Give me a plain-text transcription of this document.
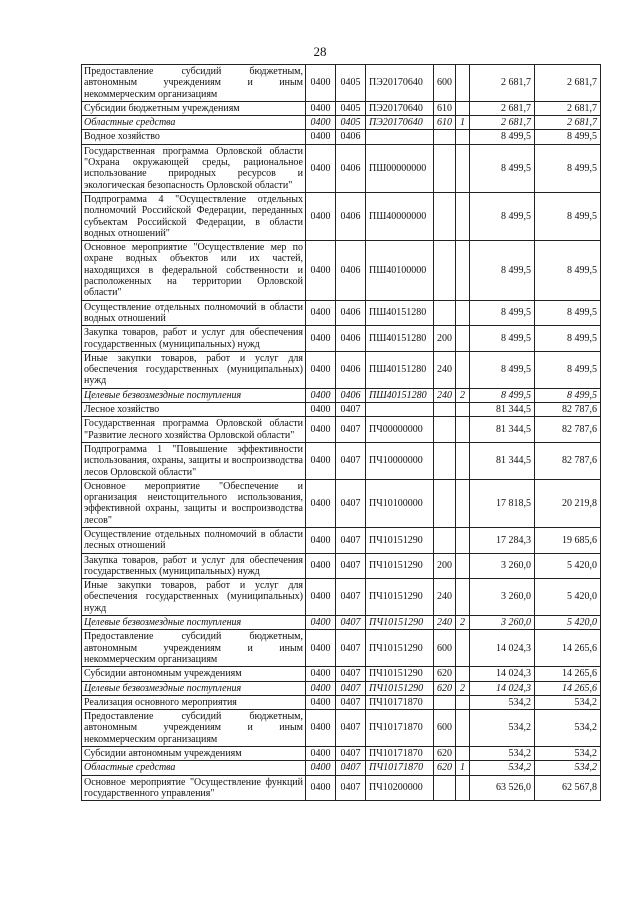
28
Предоставление субсидий бюджетным, автономным учреждениям и иным некоммерческим организациям	0400	0405	ПЭ20170640	600		2 681,7	2 681,7
Субсидии бюджетным учреждениям	0400	0405	ПЭ20170640	610		2 681,7	2 681,7
Областные средства	0400	0405	ПЭ20170640	610	1	2 681,7	2 681,7
Водное хозяйство	0400	0406				8 499,5	8 499,5
Государственная программа Орловской области "Охрана окружающей среды, рациональное использование природных ресурсов и экологическая безопасность Орловской области"	0400	0406	ПШ00000000			8 499,5	8 499,5
Подпрограмма 4 "Осуществление отдельных полномочий Российской Федерации, переданных субъектам Российской Федерации, в области водных отношений"	0400	0406	ПШ40000000			8 499,5	8 499,5
Основное мероприятие "Осуществление мер по охране водных объектов или их частей, находящихся в федеральной собственности и расположенных на территории Орловской области"	0400	0406	ПШ40100000			8 499,5	8 499,5
Осуществление отдельных полномочий в области водных отношений	0400	0406	ПШ40151280			8 499,5	8 499,5
Закупка товаров, работ и услуг для обеспечения государственных (муниципальных) нужд	0400	0406	ПШ40151280	200		8 499,5	8 499,5
Иные закупки товаров, работ и услуг для обеспечения государственных (муниципальных) нужд	0400	0406	ПШ40151280	240		8 499,5	8 499,5
Целевые безвозмездные поступления	0400	0406	ПШ40151280	240	2	8 499,5	8 499,5
Лесное хозяйство	0400	0407				81 344,5	82 787,6
Государственная программа Орловской области "Развитие лесного хозяйства Орловской области"	0400	0407	ПЧ00000000			81 344,5	82 787,6
Подпрограмма 1 "Повышение эффективности использования, охраны, защиты и воспроизводства лесов Орловской области"	0400	0407	ПЧ10000000			81 344,5	82 787,6
Основное мероприятие "Обеспечение и организация неистощительного использования, эффективной охраны, защиты и воспроизводства лесов"	0400	0407	ПЧ10100000			17 818,5	20 219,8
Осуществление отдельных полномочий в области лесных отношений	0400	0407	ПЧ10151290			17 284,3	19 685,6
Закупка товаров, работ и услуг для обеспечения государственных (муниципальных) нужд	0400	0407	ПЧ10151290	200		3 260,0	5 420,0
Иные закупки товаров, работ и услуг для обеспечения государственных (муниципальных) нужд	0400	0407	ПЧ10151290	240		3 260,0	5 420,0
Целевые безвозмездные поступления	0400	0407	ПЧ10151290	240	2	3 260,0	5 420,0
Предоставление субсидий бюджетным, автономным учреждениям и иным некоммерческим организациям	0400	0407	ПЧ10151290	600		14 024,3	14 265,6
Субсидии автономным учреждениям	0400	0407	ПЧ10151290	620		14 024,3	14 265,6
Целевые безвозмездные поступления	0400	0407	ПЧ10151290	620	2	14 024,3	14 265,6
Реализация основного мероприятия	0400	0407	ПЧ10171870			534,2	534,2
Предоставление субсидий бюджетным, автономным учреждениям и иным некоммерческим организациям	0400	0407	ПЧ10171870	600		534,2	534,2
Субсидии автономным учреждениям	0400	0407	ПЧ10171870	620		534,2	534,2
Областные средства	0400	0407	ПЧ10171870	620	1	534,2	534,2
Основное мероприятие "Осуществление функций государственного управления"	0400	0407	ПЧ10200000			63 526,0	62 567,8
